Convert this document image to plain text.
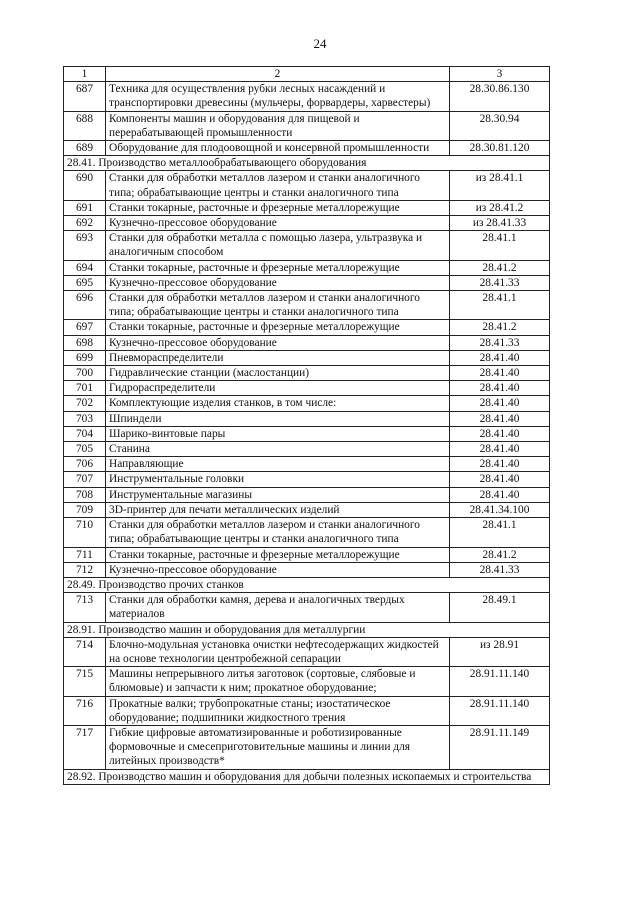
24
1	2	3
687	Техника для осуществления рубки лесных насаждений и транспортировки древесины (мульчеры, форвардеры, харвестеры)	28.30.86.130
688	Компоненты машин и оборудования для пищевой и перерабатывающей промышленности	28.30.94
689	Оборудование для плодоовощной и консервной промышленности	28.30.81.120
28.41. Производство металлообрабатывающего оборудования		
690	Станки для обработки металлов лазером и станки аналогичного типа; обрабатывающие центры и станки аналогичного типа	из 28.41.1
691	Станки токарные, расточные и фрезерные металлорежущие	из 28.41.2
692	Кузнечно-прессовое оборудование	из 28.41.33
693	Станки для обработки металла с помощью лазера, ультразвука и аналогичным способом	28.41.1
694	Станки токарные, расточные и фрезерные металлорежущие	28.41.2
695	Кузнечно-прессовое оборудование	28.41.33
696	Станки для обработки металлов лазером и станки аналогичного типа; обрабатывающие центры и станки аналогичного типа	28.41.1
697	Станки токарные, расточные и фрезерные металлорежущие	28.41.2
698	Кузнечно-прессовое оборудование	28.41.33
699	Пневмораспределители	28.41.40
700	Гидравлические станции (маслостанции)	28.41.40
701	Гидрораспределители	28.41.40
702	Комплектующие изделия станков, в том числе:	28.41.40
703	Шпиндели	28.41.40
704	Шарико-винтовые пары	28.41.40
705	Станина	28.41.40
706	Направляющие	28.41.40
707	Инструментальные головки	28.41.40
708	Инструментальные магазины	28.41.40
709	3D-принтер для печати металлических изделий	28.41.34.100
710	Станки для обработки металлов лазером и станки аналогичного типа; обрабатывающие центры и станки аналогичного типа	28.41.1
711	Станки токарные, расточные и фрезерные металлорежущие	28.41.2
712	Кузнечно-прессовое оборудование	28.41.33
28.49. Производство прочих станков		
713	Станки для обработки камня, дерева и аналогичных твердых материалов	28.49.1
28.91. Производство машин и оборудования для металлургии		
714	Блочно-модульная установка очистки нефтесодержащих жидкостей на основе технологии центробежной сепарации	из 28.91
715	Машины непрерывного литья заготовок (сортовые, слябовые и блюмовые) и запчасти к ним; прокатное оборудование;	28.91.11.140
716	Прокатные валки; трубопрокатные станы; изостатическое оборудование; подшипники жидкостного трения	28.91.11.140
717	Гибкие цифровые автоматизированные и роботизированные формовочные и смесеприготовительные машины и линии для литейных производств*	28.91.11.149
28.92. Производство машин и оборудования для добычи полезных ископаемых и строительства		
